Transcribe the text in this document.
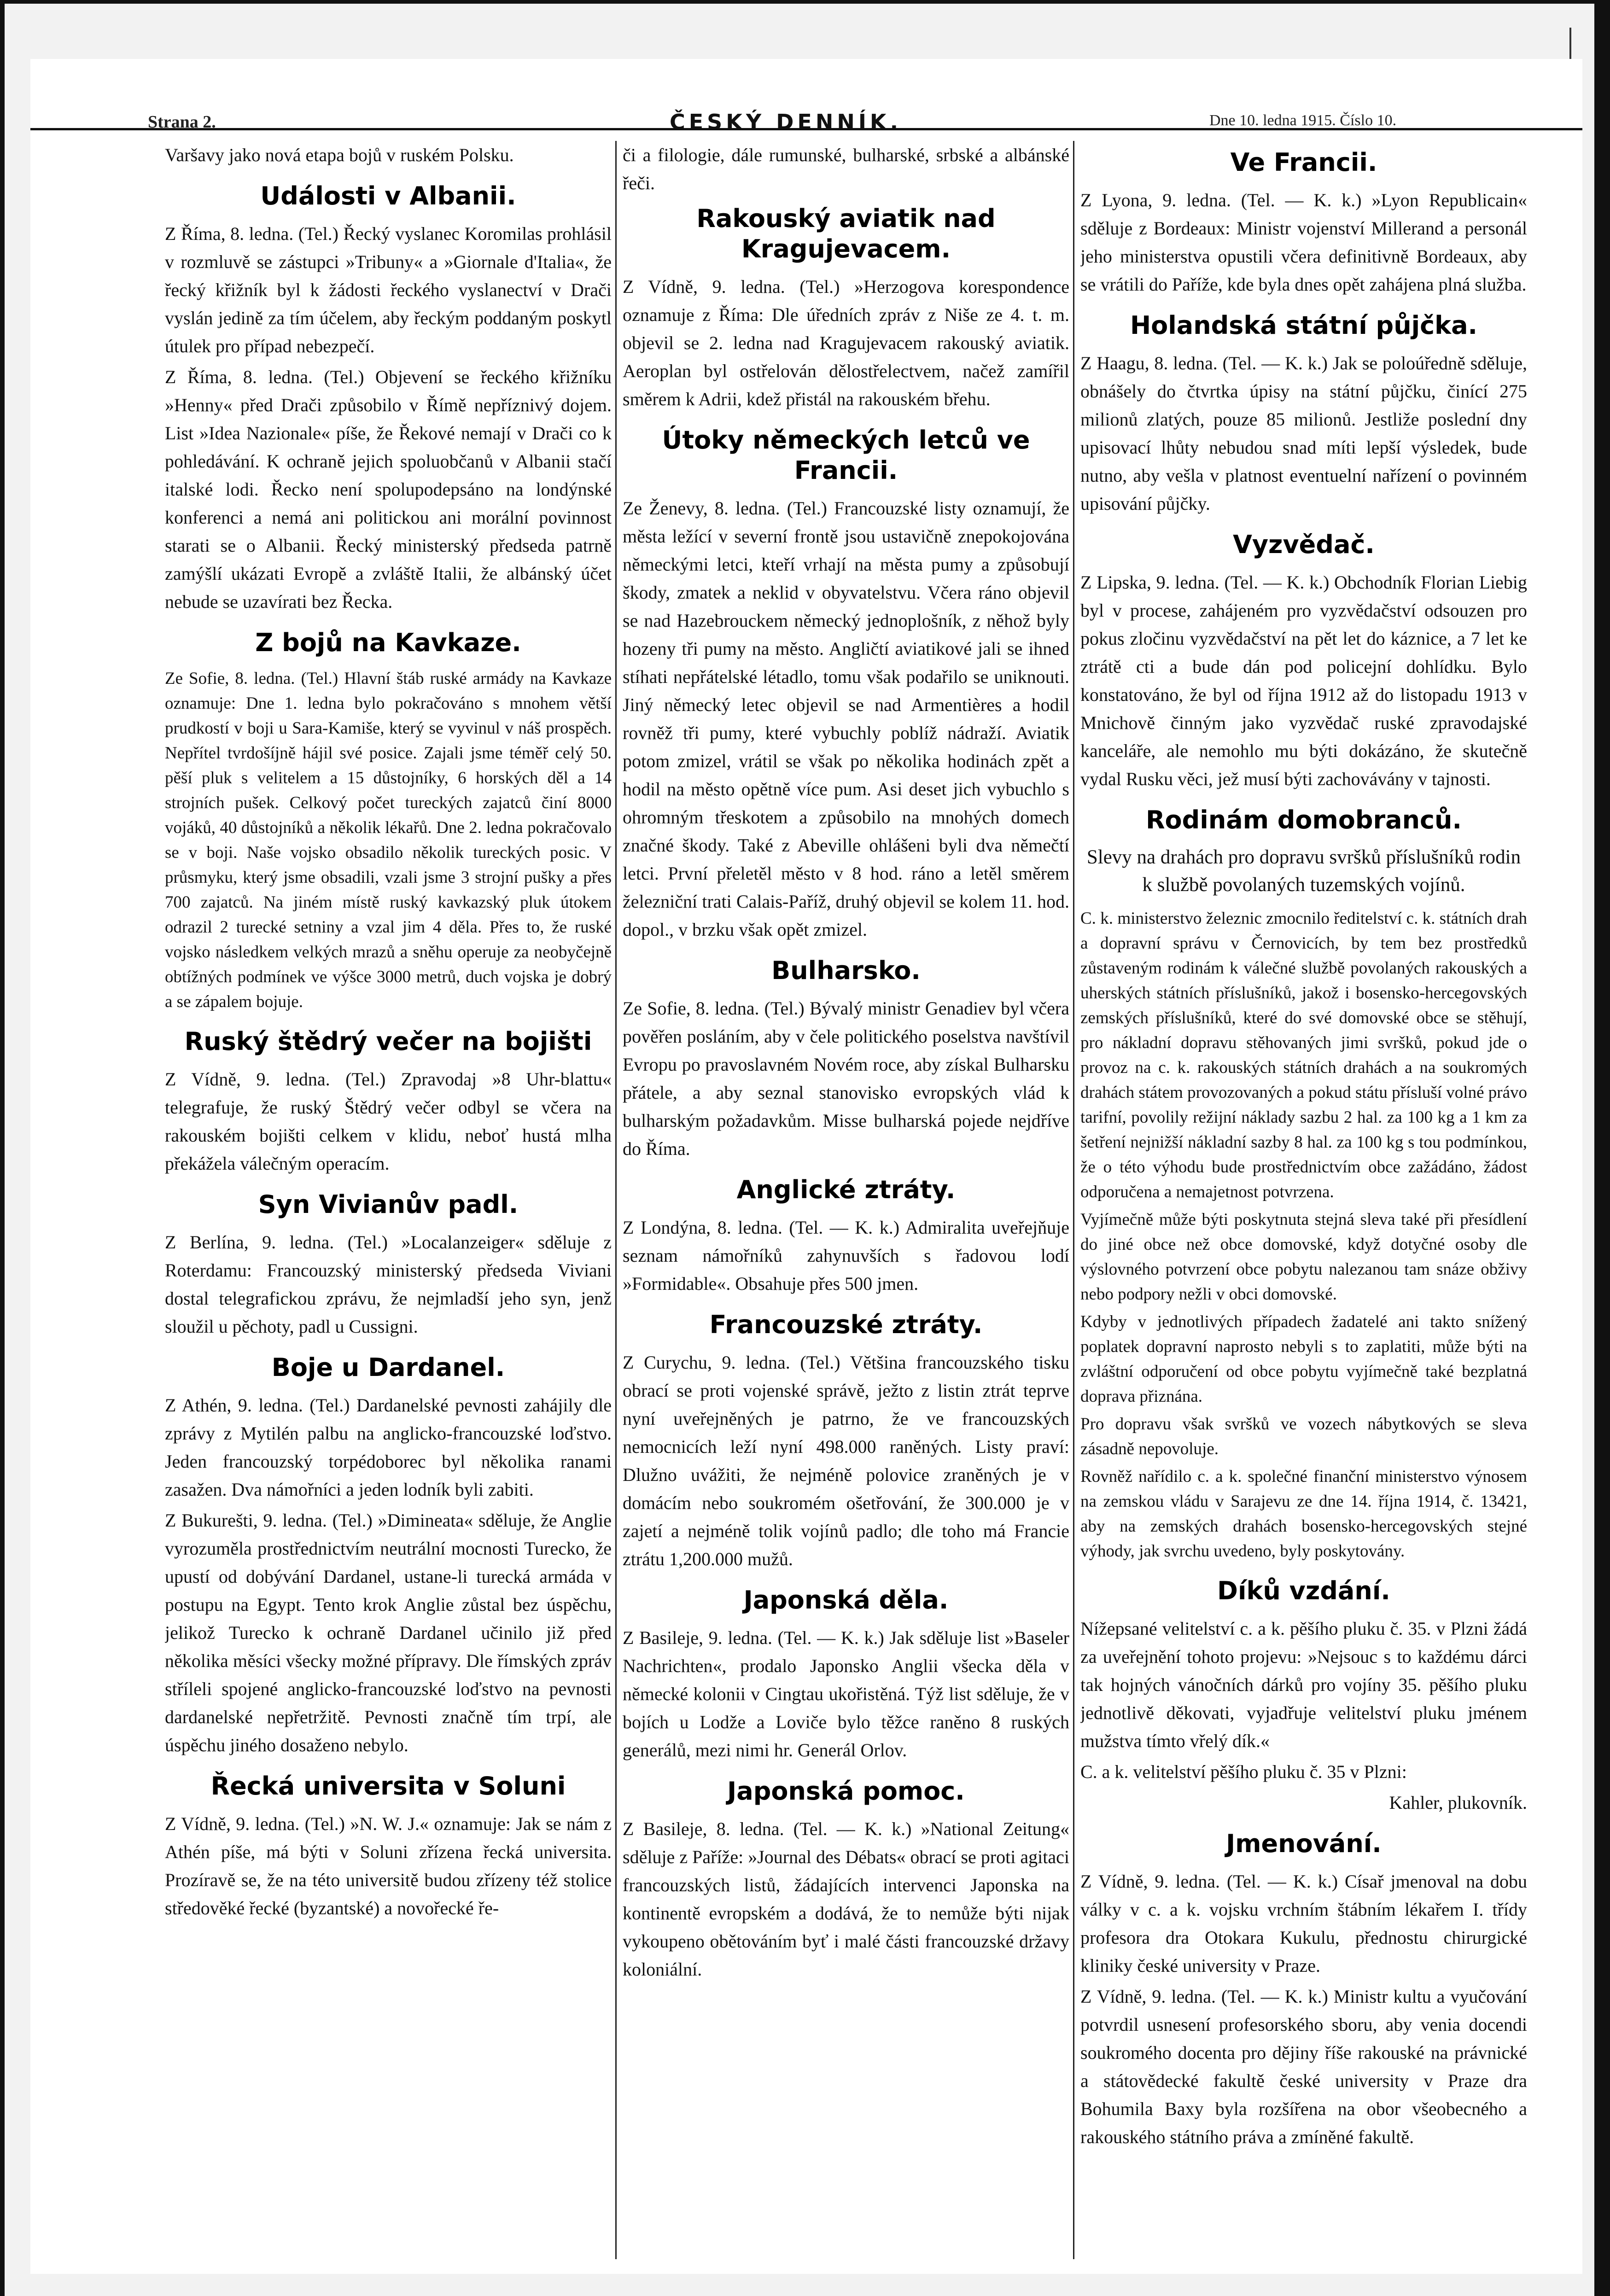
Strana 2.	ČESKÝ DENNÍK.	Dne 10. ledna 1915. Číslo 10.

Varšavy jako nová etapa bojů v ruském Polsku.

Události v Albanii.

Z Říma, 8. ledna. (Tel.) Řecký vyslanec Koromilas prohlásil v rozmluvě se zástupci »Tribuny« a »Giornale d'Italia«, že řecký křižník byl k žádosti řeckého vyslanectví v Drači vyslán jedině za tím účelem, aby řeckým poddaným poskytl útulek pro případ nebezpečí.

Z Říma, 8. ledna. (Tel.) Objevení se řeckého křižníku »Henny« před Drači způsobilo v Římě nepříznivý dojem. List »Idea Nazionale« píše, že Řekové nemají v Drači co k pohledávání. K ochraně jejich spoluobčanů v Albanii stačí italské lodi. Řecko není spolupodepsáno na londýnské konferenci a nemá ani politickou ani morální povinnost starati se o Albanii. Řecký ministerský předseda patrně zamýšlí ukázati Evropě a zvláště Italii, že albánský účet nebude se uzavírati bez Řecka.

Z bojů na Kavkaze.

Ze Sofie, 8. ledna. (Tel.) Hlavní štáb ruské armády na Kavkaze oznamuje: Dne 1. ledna bylo pokračováno s mnohem větší prudkostí v boji u Sara-Kamiše, který se vyvinul v náš prospěch. Nepřítel tvrdošíjně hájil své posice. Zajali jsme téměř celý 50. pěší pluk s velitelem a 15 důstojníky, 6 horských děl a 14 strojních pušek. Celkový počet tureckých zajatců činí 8000 vojáků, 40 důstojníků a několik lékařů. Dne 2. ledna pokračovalo se v boji. Naše vojsko obsadilo několik tureckých posic. V průsmyku, který jsme obsadili, vzali jsme 3 strojní pušky a přes 700 zajatců. Na jiném místě ruský kavkazský pluk útokem odrazil 2 turecké setniny a vzal jim 4 děla. Přes to, že ruské vojsko následkem velkých mrazů a sněhu operuje za neobyčejně obtížných podmínek ve výšce 3000 metrů, duch vojska je dobrý a se zápalem bojuje.

Ruský štědrý večer na bojišti

Z Vídně, 9. ledna. (Tel.) Zpravodaj »8 Uhr-blattu« telegrafuje, že ruský Štědrý večer odbyl se včera na rakouském bojišti celkem v klidu, neboť hustá mlha překážela válečným operacím.

Syn Vivianův padl.

Z Berlína, 9. ledna. (Tel.) »Localanzeiger« sděluje z Roterdamu: Francouzský ministerský předseda Viviani dostal telegrafickou zprávu, že nejmladší jeho syn, jenž sloužil u pěchoty, padl u Cussigni.

Boje u Dardanel.

Z Athén, 9. ledna. (Tel.) Dardanelské pevnosti zahájily dle zprávy z Mytilén palbu na anglicko-francouzské loďstvo. Jeden francouzský torpédoborec byl několika ranami zasažen. Dva námořníci a jeden lodník byli zabiti.

Z Bukurešti, 9. ledna. (Tel.) »Dimineata« sděluje, že Anglie vyrozuměla prostřednictvím neutrální mocnosti Turecko, že upustí od dobývání Dardanel, ustane-li turecká armáda v postupu na Egypt. Tento krok Anglie zůstal bez úspěchu, jelikož Turecko k ochraně Dardanel učinilo již před několika měsíci všecky možné přípravy. Dle římských zpráv stříleli spojené anglicko-francouzské loďstvo na pevnosti dardanelské nepřetržitě. Pevnosti značně tím trpí, ale úspěchu jiného dosaženo nebylo.

Řecká universita v Soluni

Z Vídně, 9. ledna. (Tel.) »N. W. J.« oznamuje: Jak se nám z Athén píše, má býti v Soluni zřízena řecká universita. Prozíravě se, že na této universitě budou zřízeny též stolice středověké řecké (byzantské) a novořecké ře-

či a filologie, dále rumunské, bulharské, srbské a albánské řeči.

Rakouský aviatik nad Kragujevacem.

Z Vídně, 9. ledna. (Tel.) »Herzogova korespondence oznamuje z Říma: Dle úředních zpráv z Niše ze 4. t. m. objevil se 2. ledna nad Kragujevacem rakouský aviatik. Aeroplan byl ostřelován dělostřelectvem, načež zamířil směrem k Adrii, kdež přistál na rakouském břehu.

Útoky německých letců ve Francii.

Ze Ženevy, 8. ledna. (Tel.) Francouzské listy oznamují, že města ležící v severní frontě jsou ustavičně znepokojována německými letci, kteří vrhají na města pumy a způsobují škody, zmatek a neklid v obyvatelstvu. Včera ráno objevil se nad Hazebrouckem německý jednoplošník, z něhož byly hozeny tři pumy na město. Angličtí aviatikové jali se ihned stíhati nepřátelské létadlo, tomu však podařilo se uniknouti. Jiný německý letec objevil se nad Armentières a hodil rovněž tři pumy, které vybuchly poblíž nádraží. Aviatik potom zmizel, vrátil se však po několika hodinách zpět a hodil na město opětně více pum. Asi deset jich vybuchlo s ohromným třeskotem a způsobilo na mnohých domech značné škody. Také z Abeville ohlášeni byli dva němečtí letci. První přeletěl město v 8 hod. ráno a letěl směrem železniční trati Calais-Paříž, druhý objevil se kolem 11. hod. dopol., v brzku však opět zmizel.

Bulharsko.

Ze Sofie, 8. ledna. (Tel.) Bývalý ministr Genadiev byl včera pověřen posláním, aby v čele politického poselstva navštívil Evropu po pravoslavném Novém roce, aby získal Bulharsku přátele, a aby seznal stanovisko evropských vlád k bulharským požadavkům. Misse bulharská pojede nejdříve do Říma.

Anglické ztráty.

Z Londýna, 8. ledna. (Tel. — K. k.) Admiralita uveřejňuje seznam námořníků zahynuvších s řadovou lodí »Formidable«. Obsahuje přes 500 jmen.

Francouzské ztráty.

Z Curychu, 9. ledna. (Tel.) Většina francouzského tisku obrací se proti vojenské správě, ježto z listin ztrát teprve nyní uveřejněných je patrno, že ve francouzských nemocnicích leží nyní 498.000 raněných. Listy praví: Dlužno uvážiti, že nejméně polovice zraněných je v domácím nebo soukromém ošetřování, že 300.000 je v zajetí a nejméně tolik vojínů padlo; dle toho má Francie ztrátu 1,200.000 mužů.

Japonská děla.

Z Basileje, 9. ledna. (Tel. — K. k.) Jak sděluje list »Baseler Nachrichten«, prodalo Japonsko Anglii všecka děla v německé kolonii v Cingtau ukořistěná. Týž list sděluje, že v bojích u Lodže a Loviče bylo těžce raněno 8 ruských generálů, mezi nimi hr. Generál Orlov.

Japonská pomoc.

Z Basileje, 8. ledna. (Tel. — K. k.) »National Zeitung« sděluje z Paříže: »Journal des Débats« obrací se proti agitaci francouzských listů, žádajících intervenci Japonska na kontinentě evropském a dodává, že to nemůže býti nijak vykoupeno obětováním byť i malé části francouzské državy koloniální.

Ve Francii.

Z Lyona, 9. ledna. (Tel. — K. k.) »Lyon Republicain« sděluje z Bordeaux: Ministr vojenství Millerand a personál jeho ministerstva opustili včera definitivně Bordeaux, aby se vrátili do Paříže, kde byla dnes opět zahájena plná služba.

Holandská státní půjčka.

Z Haagu, 8. ledna. (Tel. — K. k.) Jak se poloúředně sděluje, obnášely do čtvrtka úpisy na státní půjčku, činící 275 milionů zlatých, pouze 85 milionů. Jestliže poslední dny upisovací lhůty nebudou snad míti lepší výsledek, bude nutno, aby vešla v platnost eventuelní nařízení o povinném upisování půjčky.

Vyzvědač.

Z Lipska, 9. ledna. (Tel. — K. k.) Obchodník Florian Liebig byl v procese, zahájeném pro vyzvědačství odsouzen pro pokus zločinu vyzvědačství na pět let do káznice, a 7 let ke ztrátě cti a bude dán pod policejní dohlídku. Bylo konstatováno, že byl od října 1912 až do listopadu 1913 v Mnichově činným jako vyzvědač ruské zpravodajské kanceláře, ale nemohlo mu býti dokázáno, že skutečně vydal Rusku věci, jež musí býti zachovávány v tajnosti.

Rodinám domobranců.

Slevy na drahách pro dopravu svršků příslušníků rodin k službě povolaných tuzemských vojínů.

C. k. ministerstvo železnic zmocnilo ředitelství c. k. státních drah a dopravní správu v Černovicích, by tem bez prostředků zůstaveným rodinám k válečné službě povolaných rakouských a uherských státních příslušníků, jakož i bosensko-hercegovských zemských příslušníků, které do své domovské obce se stěhují, pro nákladní dopravu stěhovaných jimi svršků, pokud jde o provoz na c. k. rakouských státních drahách a na soukromých drahách státem provozovaných a pokud státu přísluší volné právo tarifní, povolily režijní náklady sazbu 2 hal. za 100 kg a 1 km za šetření nejnižší nákladní sazby 8 hal. za 100 kg s tou podmínkou, že o této výhodu bude prostřednictvím obce zažádáno, žádost odporučena a nemajetnost potvrzena.

Vyjímečně může býti poskytnuta stejná sleva také při přesídlení do jiné obce než obce domovské, když dotyčné osoby dle výslovného potvrzení obce pobytu nalezanou tam snáze obživy nebo podpory nežli v obci domovské.

Kdyby v jednotlivých případech žadatelé ani takto snížený poplatek dopravní naprosto nebyli s to zaplatiti, může býti na zvláštní odporučení od obce pobytu vyjímečně také bezplatná doprava přiznána.

Pro dopravu však svršků ve vozech nábytkových se sleva zásadně nepovoluje.

Rovněž nařídilo c. a k. společné finanční ministerstvo výnosem na zemskou vládu v Sarajevu ze dne 14. října 1914, č. 13421, aby na zemských drahách bosensko-hercegovských stejné výhody, jak svrchu uvedeno, byly poskytovány.

Díků vzdání.

Nížepsané velitelství c. a k. pěšího pluku č. 35. v Plzni žádá za uveřejnění tohoto projevu: »Nejsouc s to každému dárci tak hojných vánočních dárků pro vojíny 35. pěšího pluku jednotlivě děkovati, vyjadřuje velitelství pluku jménem mužstva tímto vřelý dík.«

C. a k. velitelství pěšího pluku č. 35 v Plzni:

Kahler, plukovník.

Jmenování.

Z Vídně, 9. ledna. (Tel. — K. k.) Císař jmenoval na dobu války v c. a k. vojsku vrchním štábním lékařem I. třídy profesora dra Otokara Kukulu, přednostu chirurgické kliniky české university v Praze.

Z Vídně, 9. ledna. (Tel. — K. k.) Ministr kultu a vyučování potvrdil usnesení profesorského sboru, aby venia docendi soukromého docenta pro dějiny říše rakouské na právnické a státovědecké fakultě české university v Praze dra Bohumila Baxy byla rozšířena na obor všeobecného a rakouského státního práva a zmíněné fakultě.
